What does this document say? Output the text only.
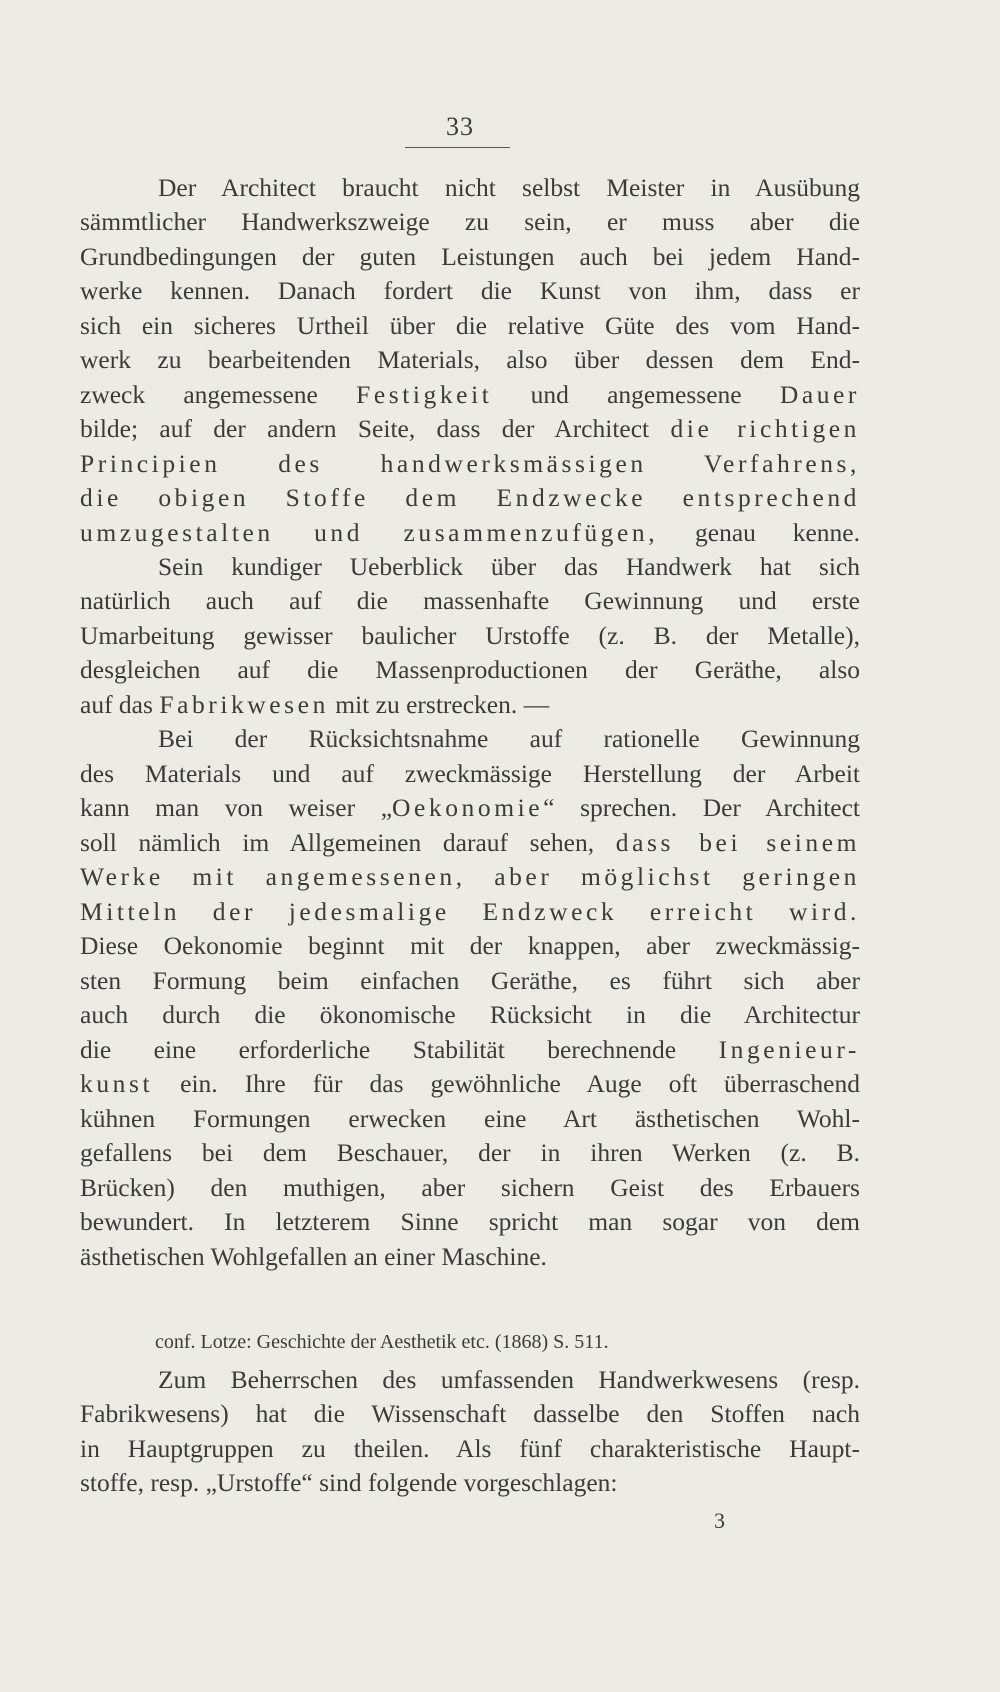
33
Der Architect braucht nicht selbst Meister in Ausübung
sämmtlicher Handwerkszweige zu sein, er muss aber die
Grundbedingungen der guten Leistungen auch bei jedem Hand-
werke kennen. Danach fordert die Kunst von ihm, dass er
sich ein sicheres Urtheil über die relative Güte des vom Hand-
werk zu bearbeitenden Materials, also über dessen dem End-
zweck angemessene Festigkeit und angemessene Dauer
bilde; auf der andern Seite, dass der Architect die richtigen
Principien des handwerksmässigen Verfahrens,
die obigen Stoffe dem Endzwecke entsprechend
umzugestalten und zusammenzufügen, genau kenne.
Sein kundiger Ueberblick über das Handwerk hat sich
natürlich auch auf die massenhafte Gewinnung und erste
Umarbeitung gewisser baulicher Urstoffe (z. B. der Metalle),
desgleichen auf die Massenproductionen der Geräthe, also
auf das Fabrikwesen mit zu erstrecken. —
Bei der Rücksichtsnahme auf rationelle Gewinnung
des Materials und auf zweckmässige Herstellung der Arbeit
kann man von weiser „Oekonomie“ sprechen. Der Architect
soll nämlich im Allgemeinen darauf sehen, dass bei seinem
Werke mit angemessenen, aber möglichst geringen
Mitteln der jedesmalige Endzweck erreicht wird.
Diese Oekonomie beginnt mit der knappen, aber zweckmässig-
sten Formung beim einfachen Geräthe, es führt sich aber
auch durch die ökonomische Rücksicht in die Architectur
die eine erforderliche Stabilität berechnende Ingenieur-
kunst ein. Ihre für das gewöhnliche Auge oft überraschend
kühnen Formungen erwecken eine Art ästhetischen Wohl-
gefallens bei dem Beschauer, der in ihren Werken (z. B.
Brücken) den muthigen, aber sichern Geist des Erbauers
bewundert. In letzterem Sinne spricht man sogar von dem
ästhetischen Wohlgefallen an einer Maschine.
conf. Lotze: Geschichte der Aesthetik etc. (1868) S. 511.
Zum Beherrschen des umfassenden Handwerkwesens (resp.
Fabrikwesens) hat die Wissenschaft dasselbe den Stoffen nach
in Hauptgruppen zu theilen. Als fünf charakteristische Haupt-
stoffe, resp. „Urstoffe“ sind folgende vorgeschlagen:
3
